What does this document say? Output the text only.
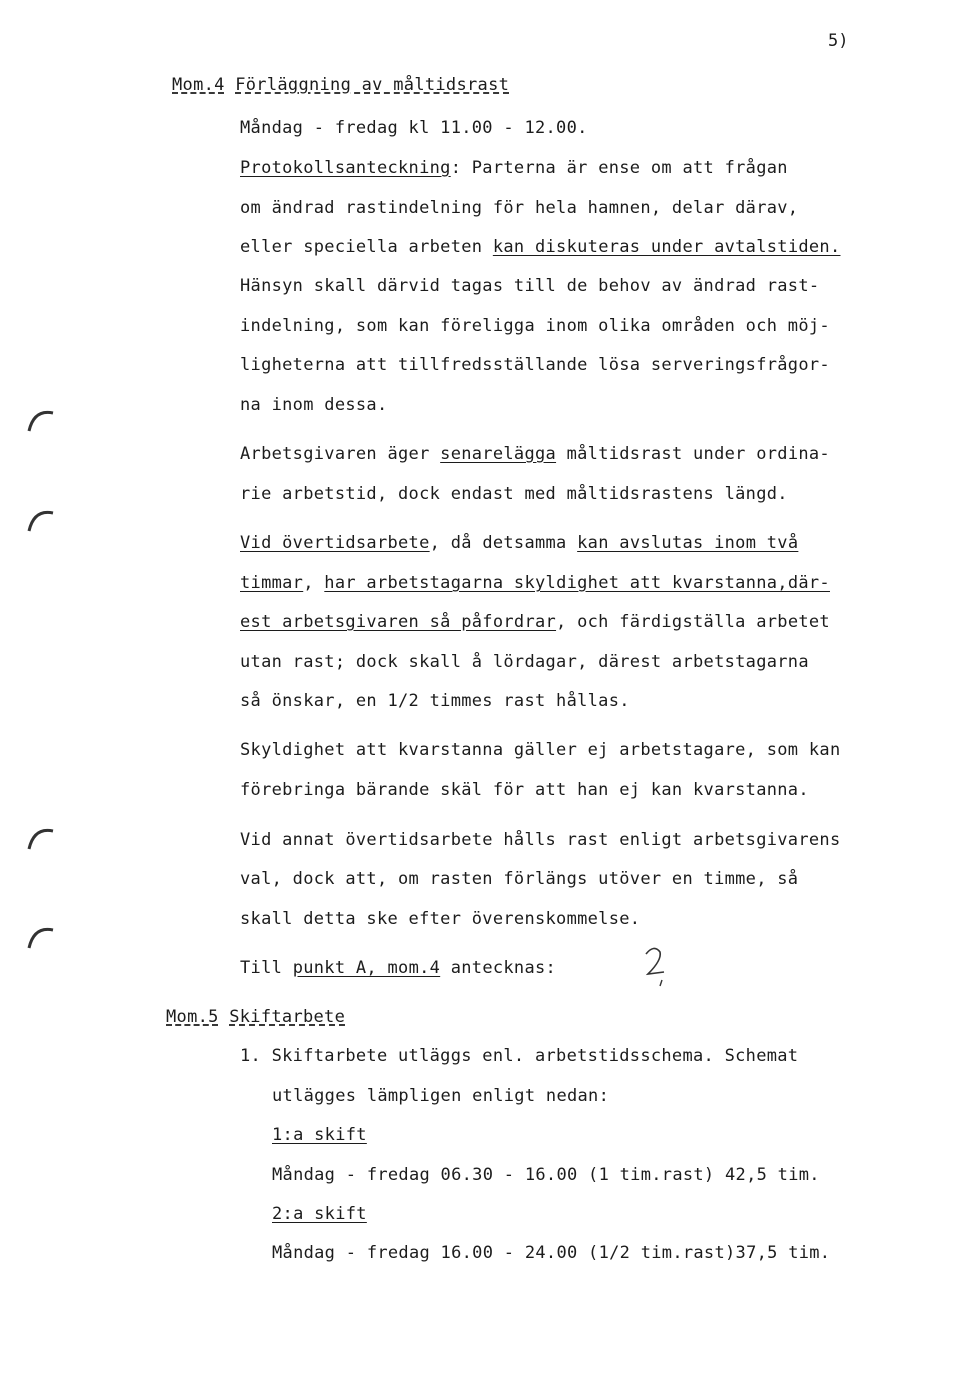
5)
Mom.4 Förläggning av måltidsrast
Måndag - fredag kl 11.00 - 12.00.
Protokollsanteckning: Parterna är ense om att frågan
om ändrad rastindelning för hela hamnen, delar därav,
eller speciella arbeten kan diskuteras under avtalstiden.
Hänsyn skall därvid tagas till de behov av ändrad rast-
indelning, som kan föreligga inom olika områden och möj-
ligheterna att tillfredsställande lösa serveringsfrågor-
na inom dessa.
Arbetsgivaren äger senarelägga måltidsrast under ordina-
rie arbetstid, dock endast med måltidsrastens längd.
Vid övertidsarbete, då detsamma kan avslutas inom två
timmar, har arbetstagarna skyldighet att kvarstanna,där-
est arbetsgivaren så påfordrar, och färdigställa arbetet
utan rast; dock skall å lördagar, därest arbetstagarna
så önskar, en 1/2 timmes rast hållas.
Skyldighet att kvarstanna gäller ej arbetstagare, som kan
förebringa bärande skäl för att han ej kan kvarstanna.
Vid annat övertidsarbete hålls rast enligt arbetsgivarens
val, dock att, om rasten förlängs utöver en timme, så
skall detta ske efter överenskommelse.
Till punkt A, mom.4 antecknas:
Mom.5 Skiftarbete
1. Skiftarbete utläggs enl. arbetstidsschema. Schemat
utlägges lämpligen enligt nedan:
1:a skift
Måndag - fredag 06.30 - 16.00 (1 tim.rast) 42,5 tim.
2:a skift
Måndag - fredag 16.00 - 24.00 (1/2 tim.rast)37,5 tim.
